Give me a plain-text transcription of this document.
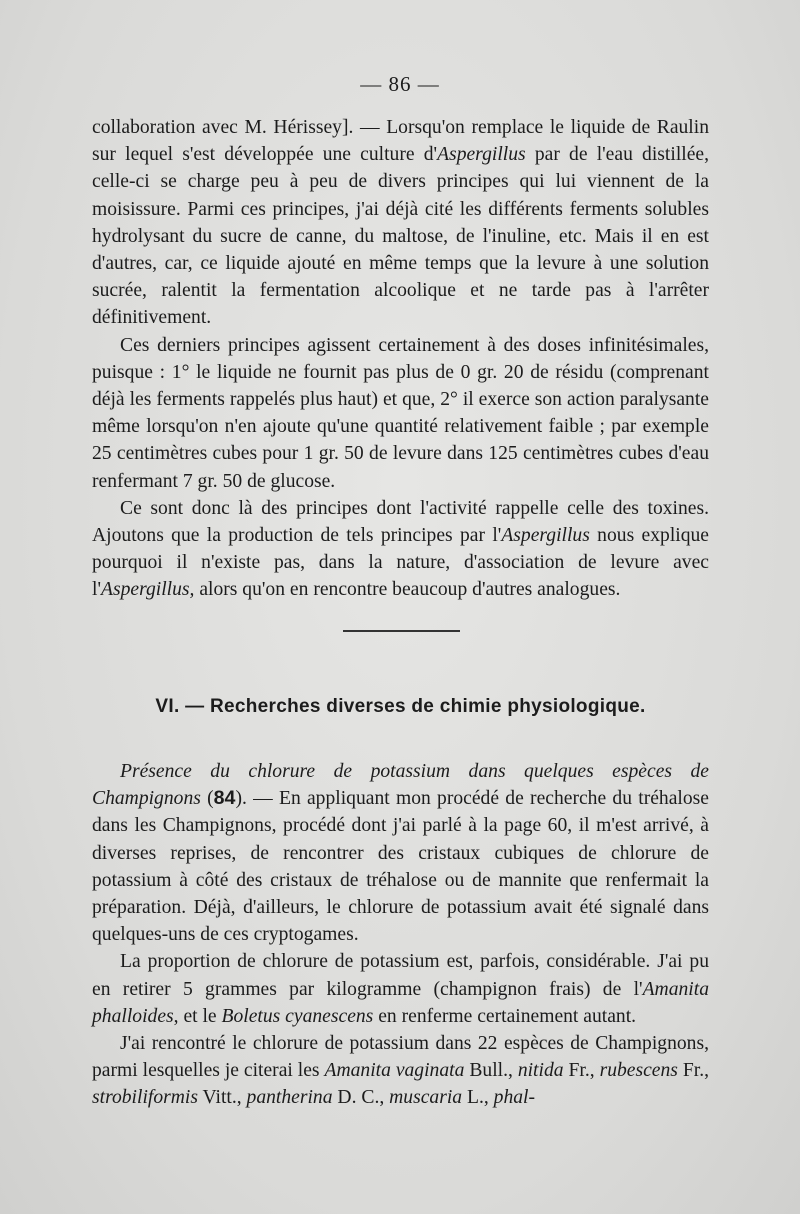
— 86 —

collaboration avec M. Hérissey]. — Lorsqu'on remplace le liquide de Raulin sur lequel s'est développée une culture d'Aspergillus par de l'eau distillée, celle-ci se charge peu à peu de divers principes qui lui viennent de la moisissure. Parmi ces principes, j'ai déjà cité les différents ferments solubles hydrolysant du sucre de canne, du maltose, de l'inuline, etc. Mais il en est d'autres, car, ce liquide ajouté en même temps que la levure à une solution sucrée, ralentit la fermentation alcoolique et ne tarde pas à l'arrêter définitivement.

Ces derniers principes agissent certainement à des doses infinitésimales, puisque : 1° le liquide ne fournit pas plus de 0 gr. 20 de résidu (comprenant déjà les ferments rappelés plus haut) et que, 2° il exerce son action paralysante même lorsqu'on n'en ajoute qu'une quantité relativement faible ; par exemple 25 centimètres cubes pour 1 gr. 50 de levure dans 125 centimètres cubes d'eau renfermant 7 gr. 50 de glucose.

Ce sont donc là des principes dont l'activité rappelle celle des toxines. Ajoutons que la production de tels principes par l'Aspergillus nous explique pourquoi il n'existe pas, dans la nature, d'association de levure avec l'Aspergillus, alors qu'on en rencontre beaucoup d'autres analogues.

VI. — Recherches diverses de chimie physiologique.

Présence du chlorure de potassium dans quelques espèces de Champignons (84). — En appliquant mon procédé de recherche du tréhalose dans les Champignons, procédé dont j'ai parlé à la page 60, il m'est arrivé, à diverses reprises, de rencontrer des cristaux cubiques de chlorure de potassium à côté des cristaux de tréhalose ou de mannite que renfermait la préparation. Déjà, d'ailleurs, le chlorure de potassium avait été signalé dans quelques-uns de ces cryptogames.

La proportion de chlorure de potassium est, parfois, considérable. J'ai pu en retirer 5 grammes par kilogramme (champignon frais) de l'Amanita phalloides, et le Boletus cyanescens en renferme certainement autant.

J'ai rencontré le chlorure de potassium dans 22 espèces de Champignons, parmi lesquelles je citerai les Amanita vaginata Bull., nitida Fr., rubescens Fr., strobiliformis Vitt., pantherina D. C., muscaria L., phal-
